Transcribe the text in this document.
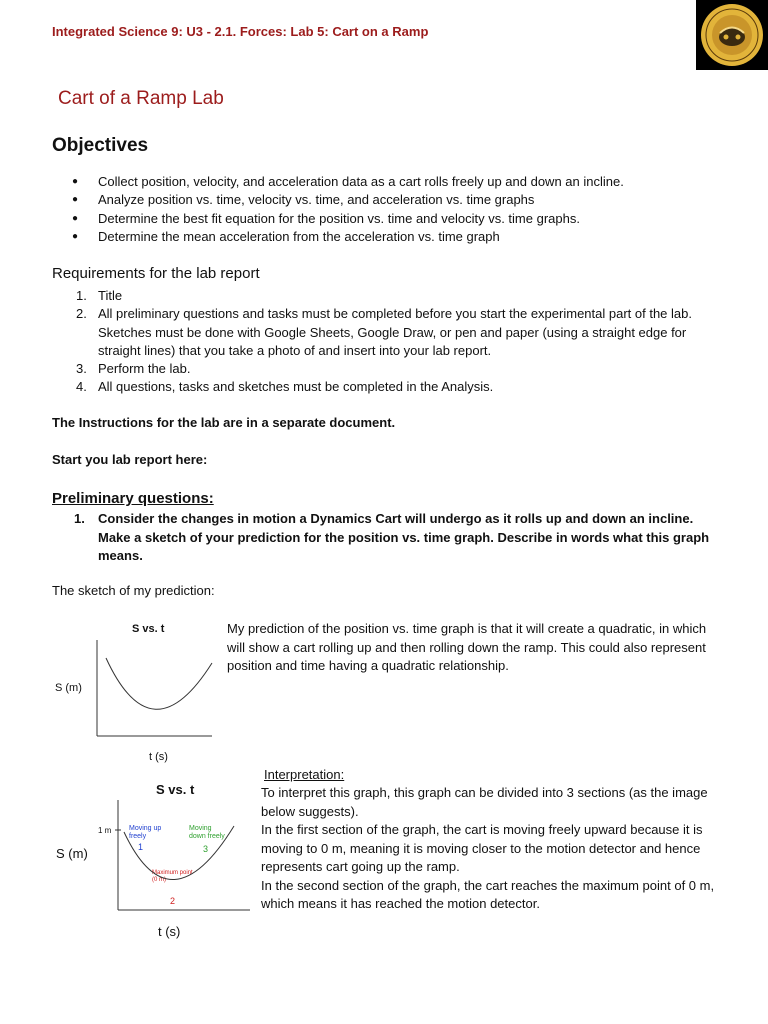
Integrated Science 9: U3 - 2.1. Forces: Lab 5: Cart on a Ramp
Cart of a Ramp Lab
Objectives
● Collect position, velocity, and acceleration data as a cart rolls freely up and down an incline.
● Analyze position vs. time, velocity vs. time, and acceleration vs. time graphs
● Determine the best fit equation for the position vs. time and velocity vs. time graphs.
● Determine the mean acceleration from the acceleration vs. time graph
Requirements for the lab report
1. Title
2. All preliminary questions and tasks must be completed before you start the experimental part of the lab. Sketches must be done with Google Sheets, Google Draw, or pen and paper (using a straight edge for straight lines) that you take a photo of and insert into your lab report.
3. Perform the lab.
4. All questions, tasks and sketches must be completed in the Analysis.
The Instructions for the lab are in a separate document.
Start you lab report here:
Preliminary questions:
1.	Consider the changes in motion a Dynamics Cart will undergo as it rolls up and down an incline. Make a sketch of your prediction for the position vs. time graph. Describe in words what this graph means.
The sketch of my prediction:
S vs. t
S (m)
t (s)
My prediction of the position vs. time graph is that it will create a quadratic, in which will show a cart rolling up and then rolling down the ramp. This could also represent position and time having a quadratic relationship.
S vs. t
S (m)
t (s)
1 m	Moving up
freely
1
Moving
down freely
3
Maximum point
(0 m)
2
Interpretation:
To interpret this graph, this graph can be divided into 3 sections (as the image below suggests).
In the first section of the graph, the cart is moving freely upward because it is moving to 0 m, meaning it is moving closer to the motion detector and hence represents cart going up the ramp.
In the second section of the graph, the cart reaches the maximum point of 0 m, which means it has reached the motion detector.
